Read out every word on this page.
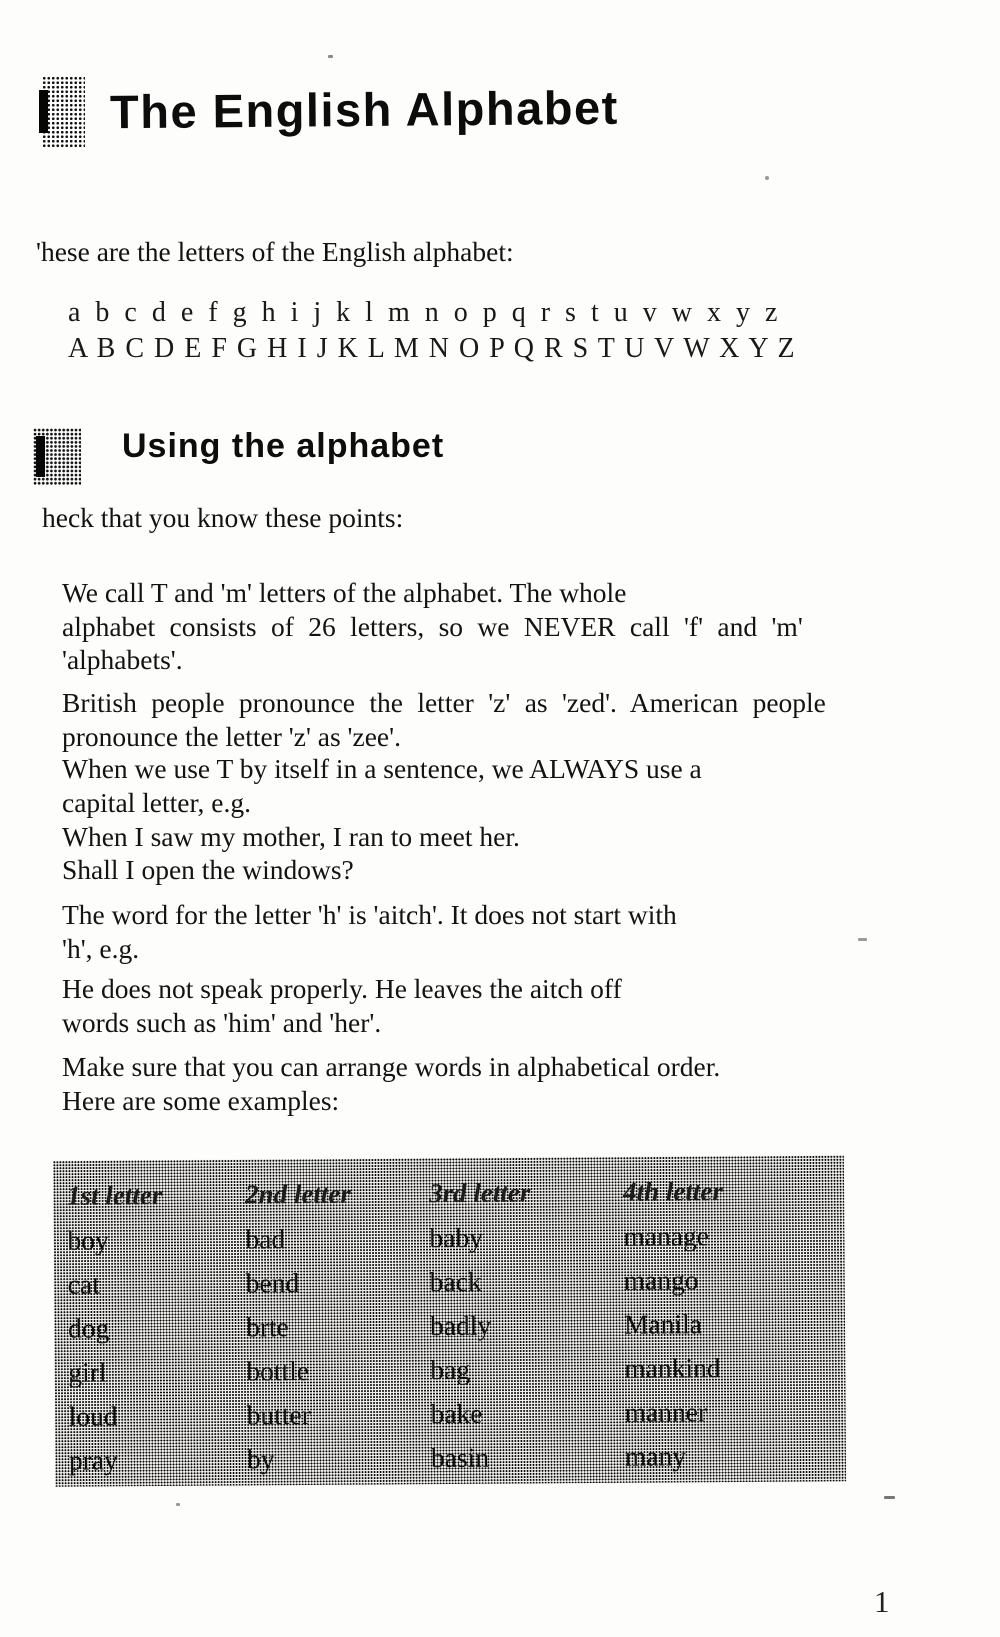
The English Alphabet

'hese are the letters of the English alphabet:

a b c d e f g h i j k l m n o p q r s t u v w x y z
A B C D E F G H I J K L M N O P Q R S T U V W X Y Z
Using the alphabet

heck that you know these points:

We call T and 'm' letters of the alphabet. The whole
alphabet consists of 26 letters, so we NEVER call 'f' and 'm'
'alphabets'.
British people pronounce the letter 'z' as 'zed'. American people
pronounce the letter 'z' as 'zee'.
When we use T by itself in a sentence, we ALWAYS use a
capital letter, e.g.
When I saw my mother, I ran to meet her.
Shall I open the windows?
The word for the letter 'h' is 'aitch'. It does not start with
'h', e.g.
He does not speak properly. He leaves the aitch off
words such as 'him' and 'her'.
Make sure that you can arrange words in alphabetical order.
Here are some examples:
1st letter	2nd letter	3rd letter	4th letter
boy	bad	baby	manage
cat	bend	back	mango
dog	brte	badly	Manila
girl	bottle	bag	mankind
loud	butter	bake	manner
pray	by	basin	many
1
